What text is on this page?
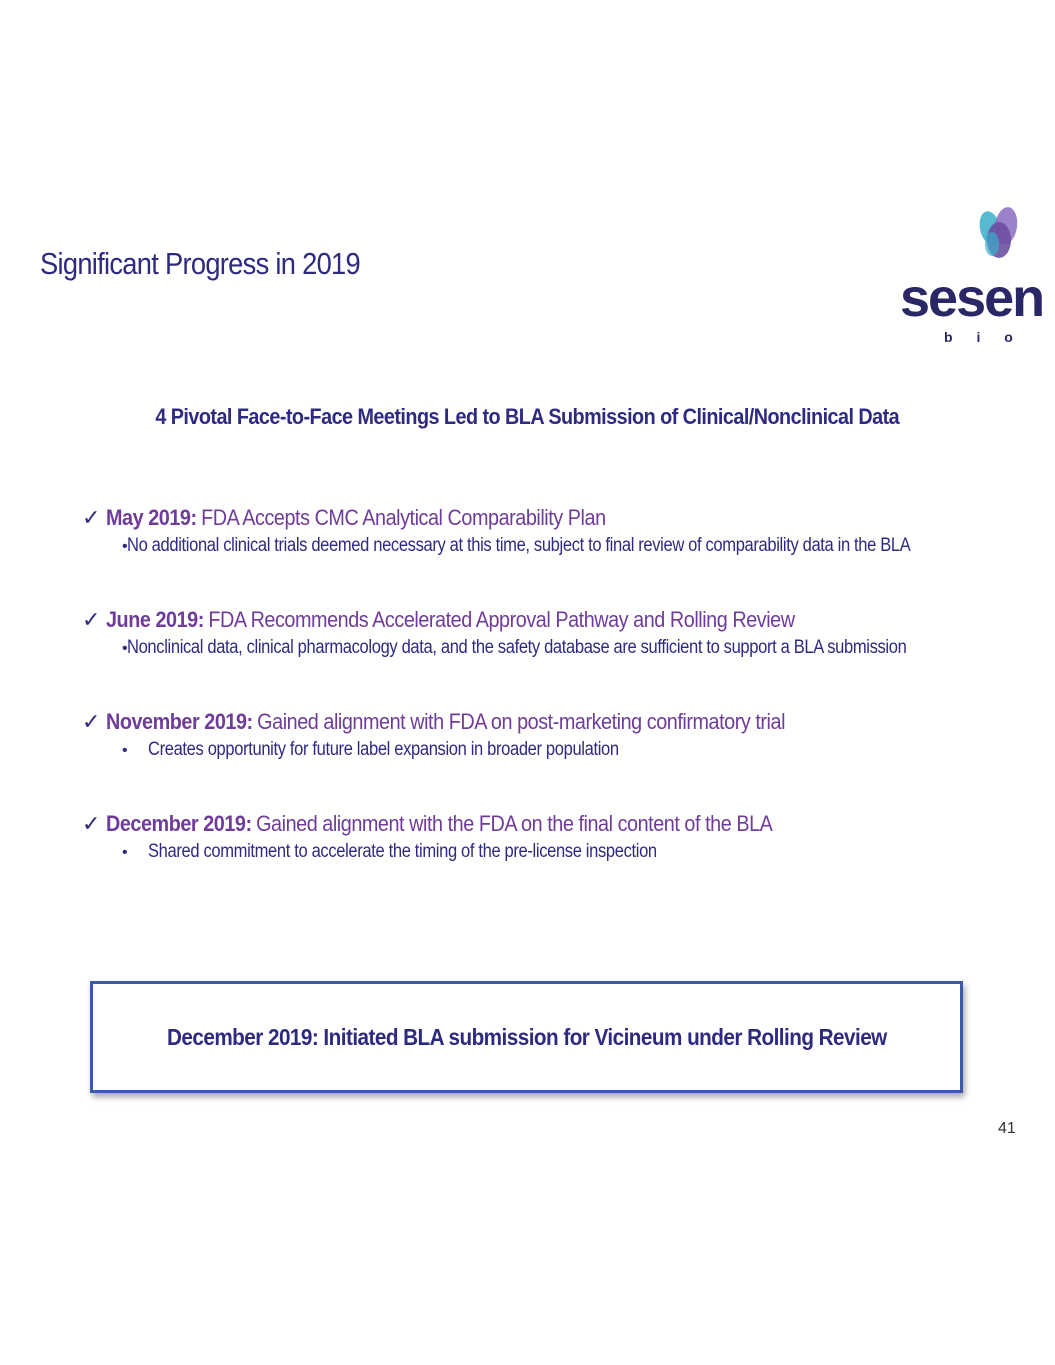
Significant Progress in 2019
sesen
b i o
4 Pivotal Face-to-Face Meetings Led to BLA Submission of Clinical/Nonclinical Data
✓ May 2019: FDA Accepts CMC Analytical Comparability Plan
• No additional clinical trials deemed necessary at this time, subject to final review of comparability data in the BLA
✓ June 2019: FDA Recommends Accelerated Approval Pathway and Rolling Review
• Nonclinical data, clinical pharmacology data, and the safety database are sufficient to support a BLA submission
✓ November 2019: Gained alignment with FDA on post-marketing confirmatory trial
•	Creates opportunity for future label expansion in broader population
✓ December 2019: Gained alignment with the FDA on the final content of the BLA
•	Shared commitment to accelerate the timing of the pre-license inspection
December 2019: Initiated BLA submission for Vicineum under Rolling Review
41
